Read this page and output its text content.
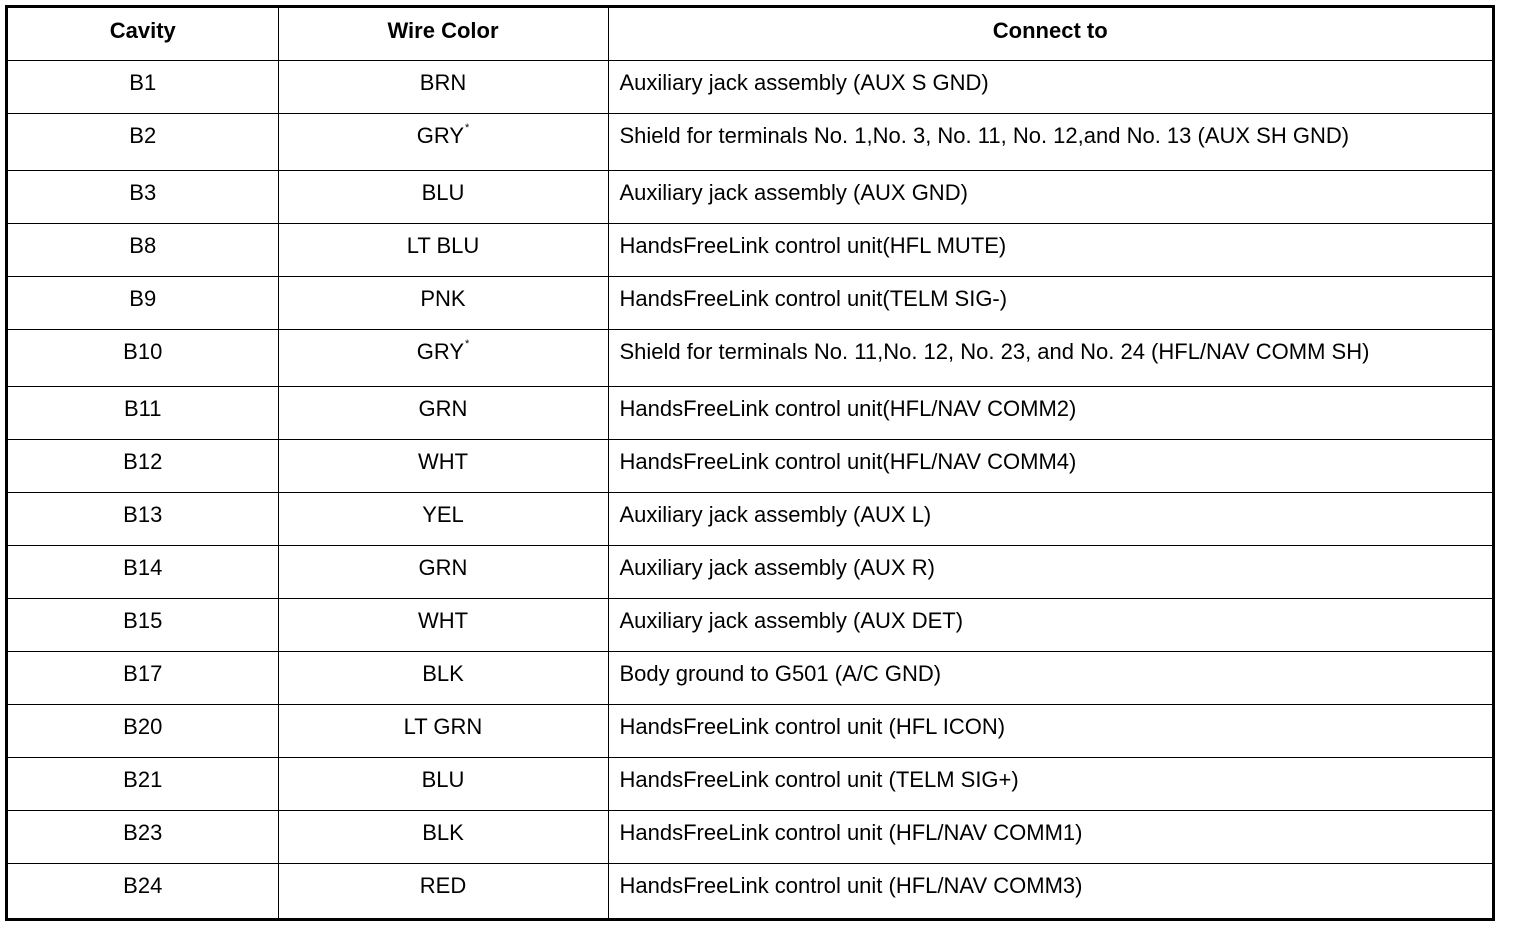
Cavity	Wire Color	Connect to
B1	BRN	Auxiliary jack assembly (AUX S GND)
B2	GRY*	Shield for terminals No. 1,No. 3, No. 11, No. 12,and No. 13 (AUX SH GND)
B3	BLU	Auxiliary jack assembly (AUX GND)
B8	LT BLU	HandsFreeLink control unit(HFL MUTE)
B9	PNK	HandsFreeLink control unit(TELM SIG-)
B10	GRY*	Shield for terminals No. 11,No. 12, No. 23, and No. 24 (HFL/NAV COMM SH)
B11	GRN	HandsFreeLink control unit(HFL/NAV COMM2)
B12	WHT	HandsFreeLink control unit(HFL/NAV COMM4)
B13	YEL	Auxiliary jack assembly (AUX L)
B14	GRN	Auxiliary jack assembly (AUX R)
B15	WHT	Auxiliary jack assembly (AUX DET)
B17	BLK	Body ground to G501 (A/C GND)
B20	LT GRN	HandsFreeLink control unit (HFL ICON)
B21	BLU	HandsFreeLink control unit (TELM SIG+)
B23	BLK	HandsFreeLink control unit (HFL/NAV COMM1)
B24	RED	HandsFreeLink control unit (HFL/NAV COMM3)
